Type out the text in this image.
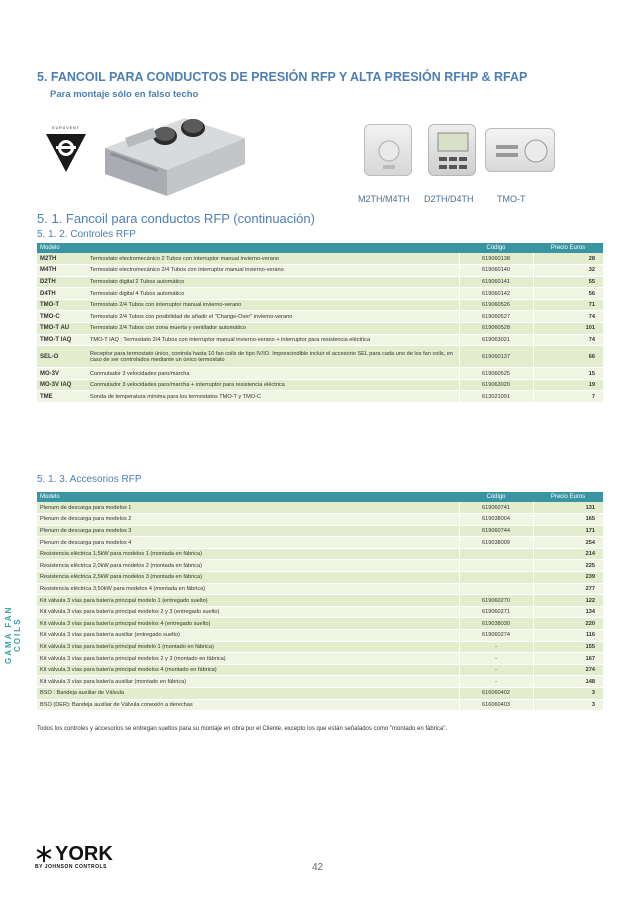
GAMA FAN COILS
5. FANCOIL PARA CONDUCTOS DE PRESIÓN RFP Y ALTA PRESIÓN RFHP & RFAP
Para montaje sólo en falso techo
EUROVENT
M2TH/M4TH D2TH/D4TH	TMO-T
5. 1. Fancoil para conductos RFP (continuación)
5. 1. 2. Controles RFP
Modelo		Código	Precio Euros
M2TH	Termostato electromecánico 2 Tubos con interruptor manual invierno-verano	619060138	28
M4TH	Termostato electromecánico 2/4 Tubos con interruptor manual invierno-verano	619060140	32
D2TH	Termostato digital 2 Tubos automático	619060141	55
D4TH	Termostato digital 4 Tubos automático	619060142	56
TMO-T	Termostato 2/4 Tubos con interruptor manual invierno-verano	619060526	71
TMO-C	Termostato 2/4 Tubos con posibilidad de añadir el "Change-Over" invierno-verano	619060527	74
TMO-T AU	Termostato 2/4 Tubos con zona muerta y ventilador automático	619060528	101
TMO-T IAQ	TMO-T IAQ : Termostato 2/4 Tubos con interruptor manual invierno-verano + interruptor para resistencia eléctrica	619063021	74
SEL-O	Receptor para termostato único, controla hasta 10 fan coils de tipo IV/IO. Imprescindible incluir el accesorio SEL para cada uno de los fan coils, en caso de ser controlados mediante un único termostato	619060137	66
MO-3V	Conmutador 3 velocidades paro/marcha	619060525	15
MO-3V IAQ	Conmutador 3 velocidades paro/marcha + interruptor para resistencia eléctrica	619063020	19
TME	Sonda de temperatura mínima para los termostatos TMO-T y TMO-C	613021091	7
5. 1. 3. Accesorios RFP
Modelo	Código	Precio Euros
Plenum de descarga para modelos 1	619060741	131
Plenum de descarga para modelos 2	619038004	165
Plenum de descarga para modelos 3	619060744	171
Plenum de descarga para modelos 4	619038009	254
Resistencia eléctrica 1,5kW para modelos 1 (montada en fábrica)		214
Resistencia eléctrica 2,0kW para modelos 2 (montada en fábrica)		225
Resistencia eléctrica 2,5kW para modelos 3 (montada en fábrica)		239
Resistencia eléctrica 3,50kW para modelos 4 (montada en fábrica)		277
Kit válvula 3 vías para batería principal modelo 1 (entregado suelto)	619060270	122
Kit válvula 3 vías para batería principal modelos 2 y 3 (entregado suelto)	619060271	134
Kit válvula 3 vías para batería principal modelos 4 (entregado suelto)	619038030	220
Kit válvula 3 vías para batería auxiliar (entregado suelto)	619060274	116
Kit válvula 3 vías para batería principal modelo 1 (montado en fábrica)	-	155
Kit válvula 3 vías para batería principal modelos 2 y 3 (montado en fábrica)	-	167
Kit válvula 3 vías para batería principal modelos 4 (montado en fábrica)	-	274
Kit válvula 3 vías para batería auxiliar (montado en fábrica)	-	148
BSO : Bandeja auxiliar de Válvula	616060402	3
BSO (DER): Bandeja auxiliar de Válvula conexión a derechas	616060403	3
Todos los controles y accesorios se entregan sueltos para su montaje en obra por el Cliente, excepto los que están señalados como "montado en fábrica".
YORK
BY JOHNSON CONTROLS	42
